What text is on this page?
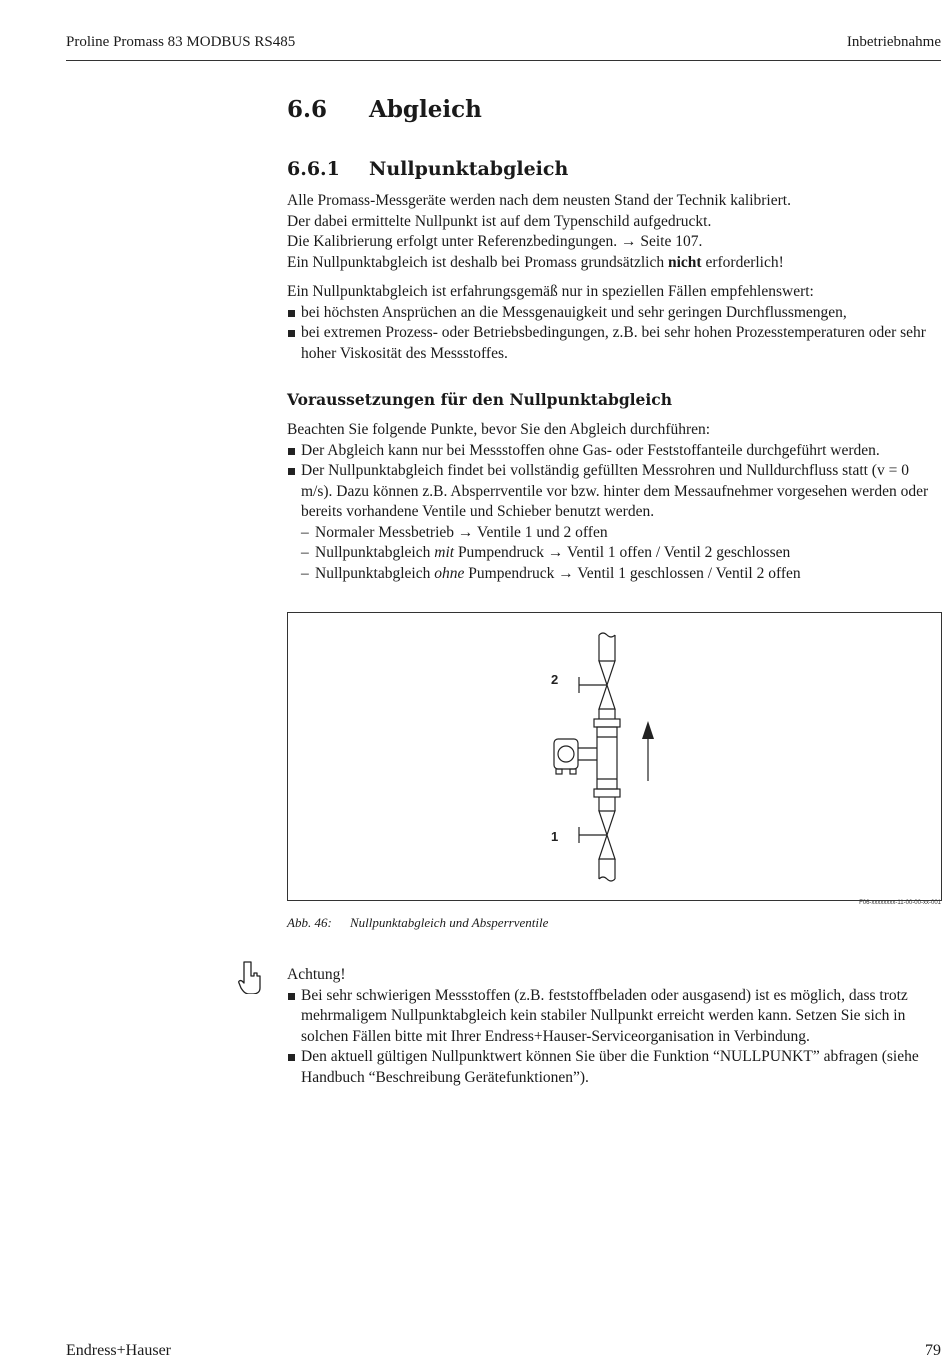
Proline Promass 83 MODBUS RS485	Inbetriebnahme
6.6 Abgleich
6.6.1 Nullpunktabgleich

Alle Promass-Messgeräte werden nach dem neusten Stand der Technik kalibriert.

Der dabei ermittelte Nullpunkt ist auf dem Typenschild aufgedruckt.

Die Kalibrierung erfolgt unter Referenzbedingungen. → Seite 107.

Ein Nullpunktabgleich ist deshalb bei Promass grundsätzlich nicht erforderlich!

Ein Nullpunktabgleich ist erfahrungsgemäß nur in speziellen Fällen empfehlenswert:

bei höchsten Ansprüchen an die Messgenauigkeit und sehr geringen Durchflussmengen,
bei extremen Prozess- oder Betriebsbedingungen, z.B. bei sehr hohen Prozesstemperaturen oder sehr hoher Viskosität des Messstoffes.
Voraussetzungen für den Nullpunktabgleich

Beachten Sie folgende Punkte, bevor Sie den Abgleich durchführen:

Der Abgleich kann nur bei Messstoffen ohne Gas- oder Feststoffanteile durchgeführt werden.
Der Nullpunktabgleich findet bei vollständig gefüllten Messrohren und Nulldurchfluss statt (v = 0 m/s). Dazu können z.B. Absperrventile vor bzw. hinter dem Messaufnehmer vorgesehen werden oder bereits vorhandene Ventile und Schieber benutzt werden.
– Normaler Messbetrieb → Ventile 1 und 2 offen
– Nullpunktabgleich mit Pumpendruck → Ventil 1 offen / Ventil 2 geschlossen
– Nullpunktabgleich ohne Pumpendruck → Ventil 1 geschlossen / Ventil 2 offen
2
1
F06-xxxxxxxx-11-00-00-xx-001
Abb. 46: Nullpunktabgleich und Absperrventile

Achtung!

Bei sehr schwierigen Messstoffen (z.B. feststoffbeladen oder ausgasend) ist es möglich, dass trotz mehrmaligem Nullpunktabgleich kein stabiler Nullpunkt erreicht werden kann. Setzen Sie sich in solchen Fällen bitte mit Ihrer Endress+Hauser-Serviceorganisation in Verbindung.
Den aktuell gültigen Nullpunktwert können Sie über die Funktion “NULLPUNKT” abfragen (siehe Handbuch “Beschreibung Gerätefunktionen”).
Endress+Hauser	79
